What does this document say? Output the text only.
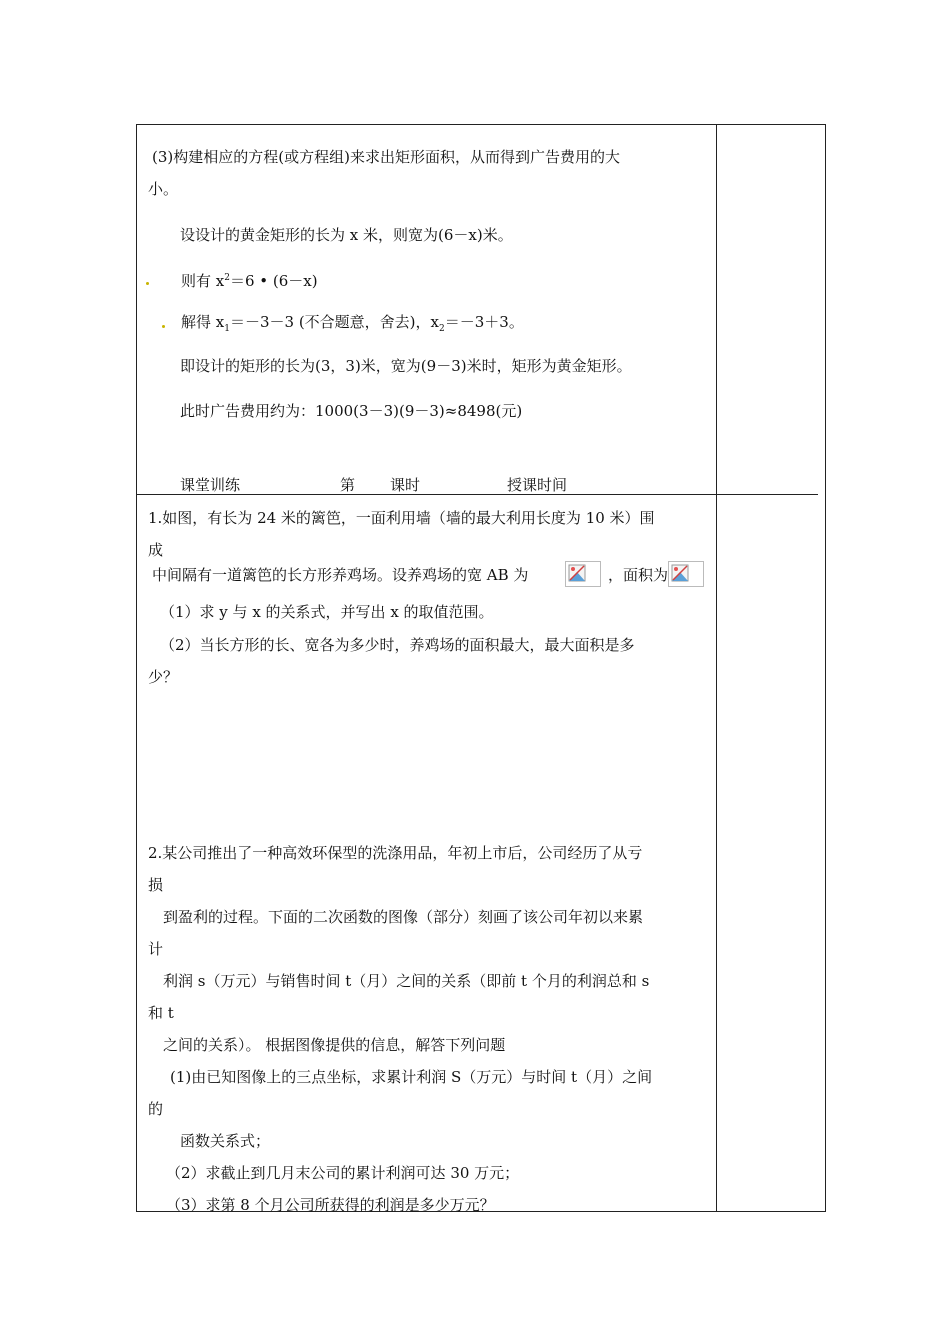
(3)构建相应的方程(或方程组)来求出矩形面积，从而得到广告费用的大
小。
设设计的黄金矩形的长为 x 米，则宽为(6－x)米。
则有 $x^2=6$ • (6－x)
解得 $x_1=-3-3$ (不合题意，舍去)，$x_2=-3+3$。
即设计的矩形的长为(3，3)米，宽为(9－3)米时，矩形为黄金矩形。
此时广告费用约为：1000(3－3)(9－3)≈8498(元)
课堂训练	第 课时	授课时间
1.如图，有长为 24 米的篱笆，一面利用墙（墙的最大利用长度为 10 米）围
成
中间隔有一道篱笆的长方形养鸡场。设养鸡场的宽 AB 为	，面积为
（1）求 y 与 x 的关系式，并写出 x 的取值范围。
（2）当长方形的长、宽各为多少时，养鸡场的面积最大，最大面积是多
少？
2.某公司推出了一种高效环保型的洗涤用品，年初上市后，公司经历了从亏
损
到盈利的过程。下面的二次函数的图像（部分）刻画了该公司年初以来累
计
利润 s（万元）与销售时间 t（月）之间的关系（即前 t 个月的利润总和 s
和 t
之间的关系）。 根据图像提供的信息，解答下列问题
(1)由已知图像上的三点坐标，求累计利润 S（万元）与时间 t（月）之间
的
函数关系式；
（2）求截止到几月末公司的累计利润可达 30 万元；
（3）求第 8 个月公司所获得的利润是多少万元？
